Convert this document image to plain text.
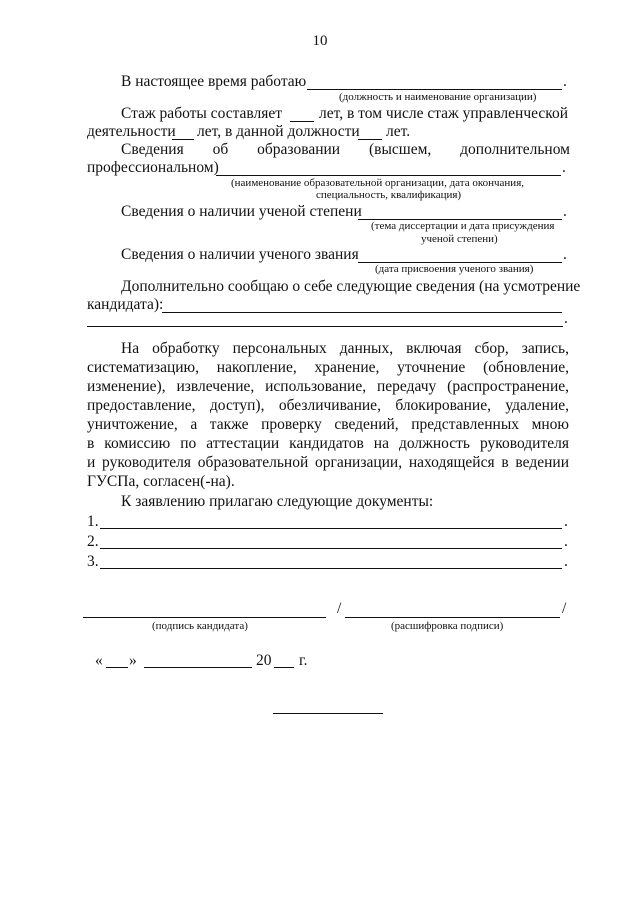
10
В настоящее время работаю	.
(должность и наименование организации)
Стаж работы составляет лет, в том числе стаж управленческой
деятельности лет, в данной должности лет.
Сведения об образовании (высшем, дополнительном
профессиональном)	.
(наименование образовательной организации, дата окончания,
специальность, квалификация)
Сведения о наличии ученой степени	.
(тема диссертации и дата присуждения
ученой степени)
Сведения о наличии ученого звания	.
(дата присвоения ученого звания)
Дополнительно сообщаю о себе следующие сведения (на усмотрение
кандидата):
.
На обработку персональных данных, включая сбор, запись,
систематизацию, накопление, хранение, уточнение (обновление,
изменение), извлечение, использование, передачу (распространение,
предоставление, доступ), обезличивание, блокирование, удаление,
уничтожение, а также проверку сведений, представленных мною
в комиссию по аттестации кандидатов на должность руководителя
и руководителя образовательной организации, находящейся в ведении
ГУСПа, согласен(-на).
К заявлению прилагаю следующие документы:
1.	.
2.	.
3.	.
/	/
(подпись кандидата)	(расшифровка подписи)
« »	20 г.
